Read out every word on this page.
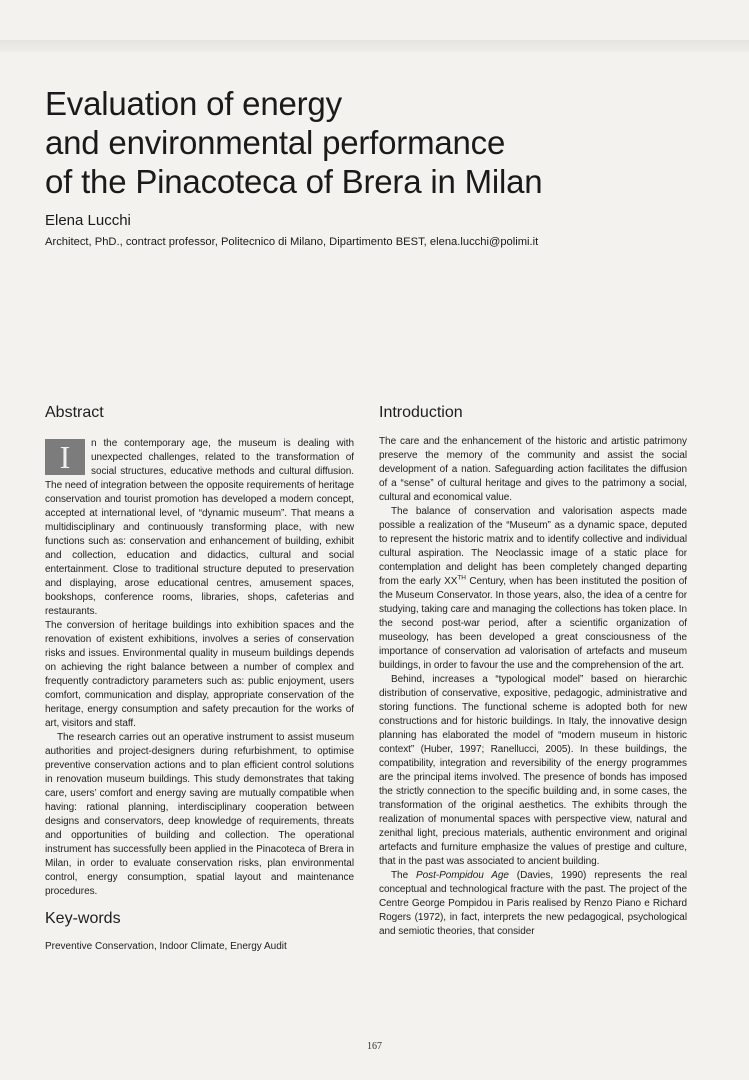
Evaluation of energy
and environmental performance
of the Pinacoteca of Brera in Milan
Elena Lucchi
Architect, PhD., contract professor, Politecnico di Milano, Dipartimento BEST, elena.lucchi@polimi.it
Abstract
I	n the contemporary age, the museum is dealing with unexpected challenges, related to the transformation of social structures, educative methods and cultural diffusion. The need of integration between the opposite requirements of heritage conservation and tourist promotion has developed a modern concept, accepted at international level, of “dynamic museum”. That means a multidisciplinary and continuously transforming place, with new functions such as: conservation and enhancement of building, exhibit and collection, education and didactics, cultural and social entertainment. Close to traditional structure deputed to preservation and displaying, arose educational centres, amusement spaces, bookshops, conference rooms, libraries, shops, cafeterias and restaurants.

The conversion of heritage buildings into exhibition spaces and the renovation of existent exhibitions, involves a series of conservation risks and issues. Environmental quality in museum buildings depends on achieving the right balance between a number of complex and frequently contradictory parameters such as: public enjoyment, users comfort, communication and display, appropriate conservation of the heritage, energy consumption and safety precaution for the works of art, visitors and staff.

The research carries out an operative instrument to assist museum authorities and project-designers during refurbishment, to optimise preventive conservation actions and to plan efficient control solutions in renovation museum buildings. This study demonstrates that taking care, users’ comfort and energy saving are mutually compatible when having: rational planning, interdisciplinary cooperation between designs and conservators, deep knowledge of requirements, threats and opportunities of building and collection. The operational instrument has successfully been applied in the Pinacoteca of Brera in Milan, in order to evaluate conservation risks, plan environmental control, energy consumption, spatial layout and maintenance procedures.

Key-words
Preventive Conservation, Indoor Climate, Energy Audit
Introduction

The care and the enhancement of the historic and artistic patrimony preserve the memory of the community and assist the social development of a nation. Safeguarding action facilitates the diffusion of a “sense” of cultural heritage and gives to the patrimony a social, cultural and economical value.

The balance of conservation and valorisation aspects made possible a realization of the “Museum” as a dynamic space, deputed to represent the historic matrix and to identify collective and individual cultural aspiration. The Neoclassic image of a static place for contemplation and delight has been completely changed departing from the early XXTH Century, when has been instituted the position of the Museum Conservator. In those years, also, the idea of a centre for studying, taking care and managing the collections has token place. In the second post-war period, after a scientific organization of museology, has been developed a great consciousness of the importance of conservation ad valorisation of artefacts and museum buildings, in order to favour the use and the comprehension of the art.

Behind, increases a “typological model” based on hierarchic distribution of conservative, expositive, pedagogic, administrative and storing functions. The functional scheme is adopted both for new constructions and for historic buildings. In Italy, the innovative design planning has elaborated the model of “modern museum in historic context” (Huber, 1997; Ranellucci, 2005). In these buildings, the compatibility, integration and reversibility of the energy programmes are the principal items involved. The presence of bonds has imposed the strictly connection to the specific building and, in some cases, the transformation of the original aesthetics. The exhibits through the realization of monumental spaces with perspective view, natural and zenithal light, precious materials, authentic environment and original artefacts and furniture emphasize the values of prestige and culture, that in the past was associated to ancient building.

The Post-Pompidou Age (Davies, 1990) represents the real conceptual and technological fracture with the past. The project of the Centre George Pompidou in Paris realised by Renzo Piano e Richard Rogers (1972), in fact, interprets the new pedagogical, psychological and semiotic theories, that consider

167
